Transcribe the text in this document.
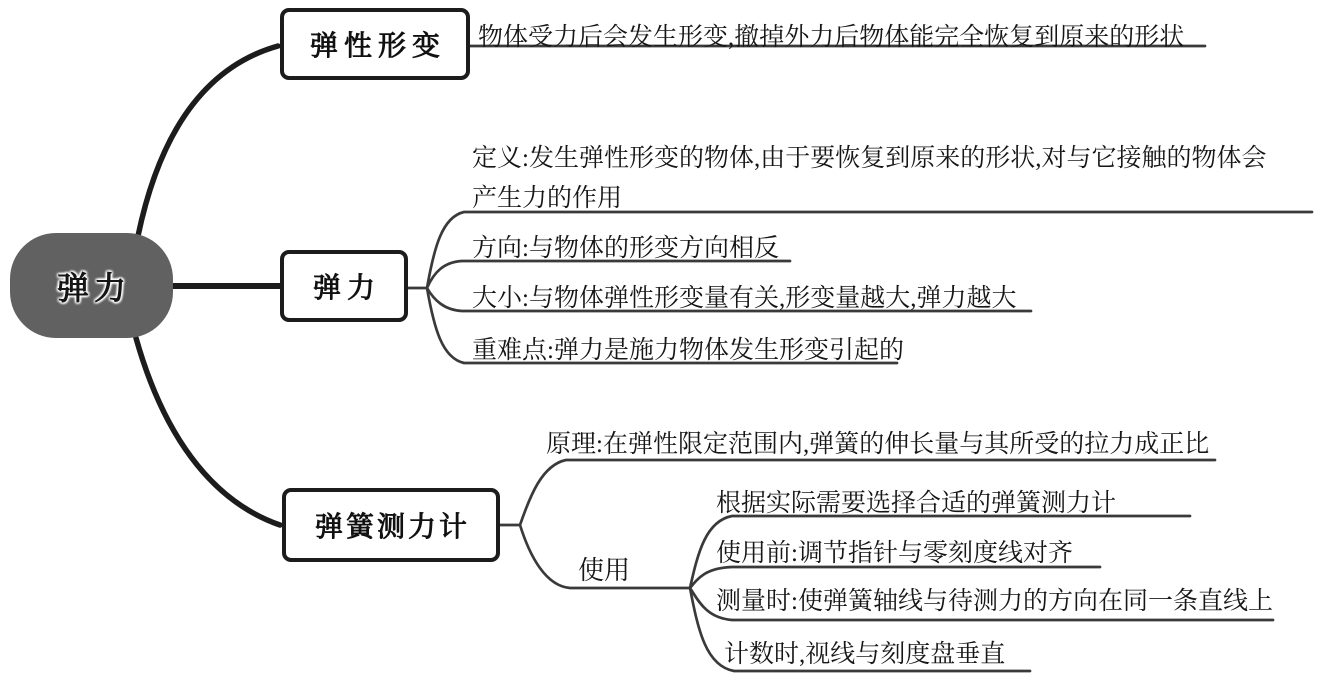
弹力
弹性形变
弹力
弹簧测力计
物体受力后会发生形变,撤掉外力后物体能完全恢复到原来的形状
定义:发生弹性形变的物体,由于要恢复到原来的形状,对与它接触的物体会
产生力的作用
方向:与物体的形变方向相反
大小:与物体弹性形变量有关,形变量越大,弹力越大
重难点:弹力是施力物体发生形变引起的
原理:在弹性限定范围内,弹簧的伸长量与其所受的拉力成正比
使用
根据实际需要选择合适的弹簧测力计
使用前:调节指针与零刻度线对齐
测量时:使弹簧轴线与待测力的方向在同一条直线上
计数时,视线与刻度盘垂直
